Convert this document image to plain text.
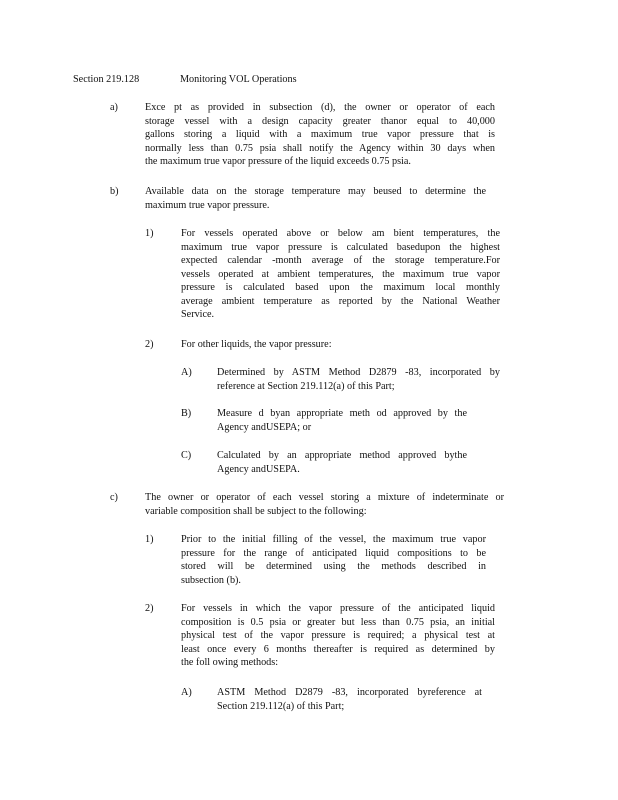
Section 219.128	Monitoring VOL Operations
a)	Exce pt as provided in subsection (d), the owner or operator of each
storage vessel with a design capacity greater thanor equal to 40,000
gallons storing a liquid with a maximum true vapor pressure that is
normally less than 0.75 psia shall notify the Agency within 30 days when
the maximum true vapor pressure of the liquid exceeds 0.75 psia.
b)	Available data on the storage temperature may beused to determine the
maximum true vapor pressure.
1)	For vessels operated above or below am bient temperatures, the
maximum true vapor pressure is calculated basedupon the highest
expected calendar -month average of the storage temperature.For
vessels operated at ambient temperatures, the maximum true vapor
pressure is calculated based upon the maximum local monthly
average ambient temperature as reported by the National Weather
Service.
2)	For other liquids, the vapor pressure:
A) Determined by ASTM Method D2879 -83, incorporated by
reference at Section 219.112(a) of this Part;
B)	Measure d byan appropriate meth od approved by the
Agency andUSEPA; or
C)	Calculated by an appropriate method approved bythe
Agency andUSEPA.
c)	The owner or operator of each vessel storing a mixture of indeterminate or
variable composition shall be subject to the following:
1)	Prior to the initial filling of the vessel, the maximum true vapor
pressure for the range of anticipated liquid compositions to be
stored will be determined using the methods described in
subsection (b).
2)	For vessels in which the vapor pressure of the anticipated liquid
composition is 0.5 psia or greater but less than 0.75 psia, an initial
physical test of the vapor pressure is required; a physical test at
least once every 6 months thereafter is required as determined by
the foll owing methods:
A) ASTM Method D2879 -83, incorporated byreference at
Section 219.112(a) of this Part;
